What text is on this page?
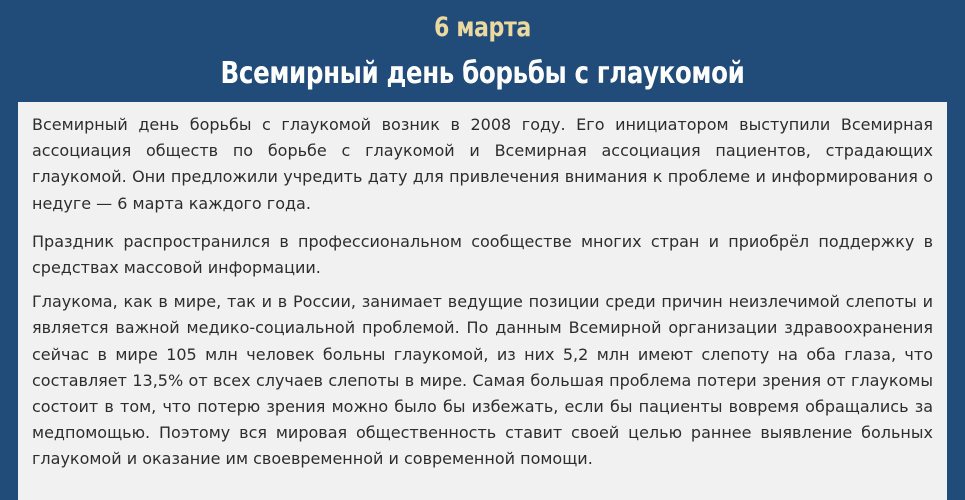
6 марта
Всемирный день борьбы с глаукомой

Всемирный день борьбы с глаукомой возник в 2008 году. Его инициатором выступили Всемирная ассоциация обществ по борьбе с глаукомой и Всемирная ассоциация пациентов, страдающих глаукомой. Они предложили учредить дату для привлечения внимания к проблеме и информирования о недуге — 6 марта каждого года.

Праздник распространился в профессиональном сообществе многих стран и приобрёл поддержку в средствах массовой информации.

Глаукома, как в мире, так и в России, занимает ведущие позиции среди причин неизлечимой слепоты и является важной медико-социальной проблемой. По данным Всемирной организации здравоохранения сейчас в мире 105 млн человек больны глаукомой, из них 5,2 млн имеют слепоту на оба глаза, что составляет 13,5% от всех случаев слепоты в мире. Самая большая проблема потери зрения от глаукомы состоит в том, что потерю зрения можно было бы избежать, если бы пациенты вовремя обращались за медпомощью. Поэтому вся мировая общественность ставит своей целью раннее выявление больных глаукомой и оказание им своевременной и современной помощи.
